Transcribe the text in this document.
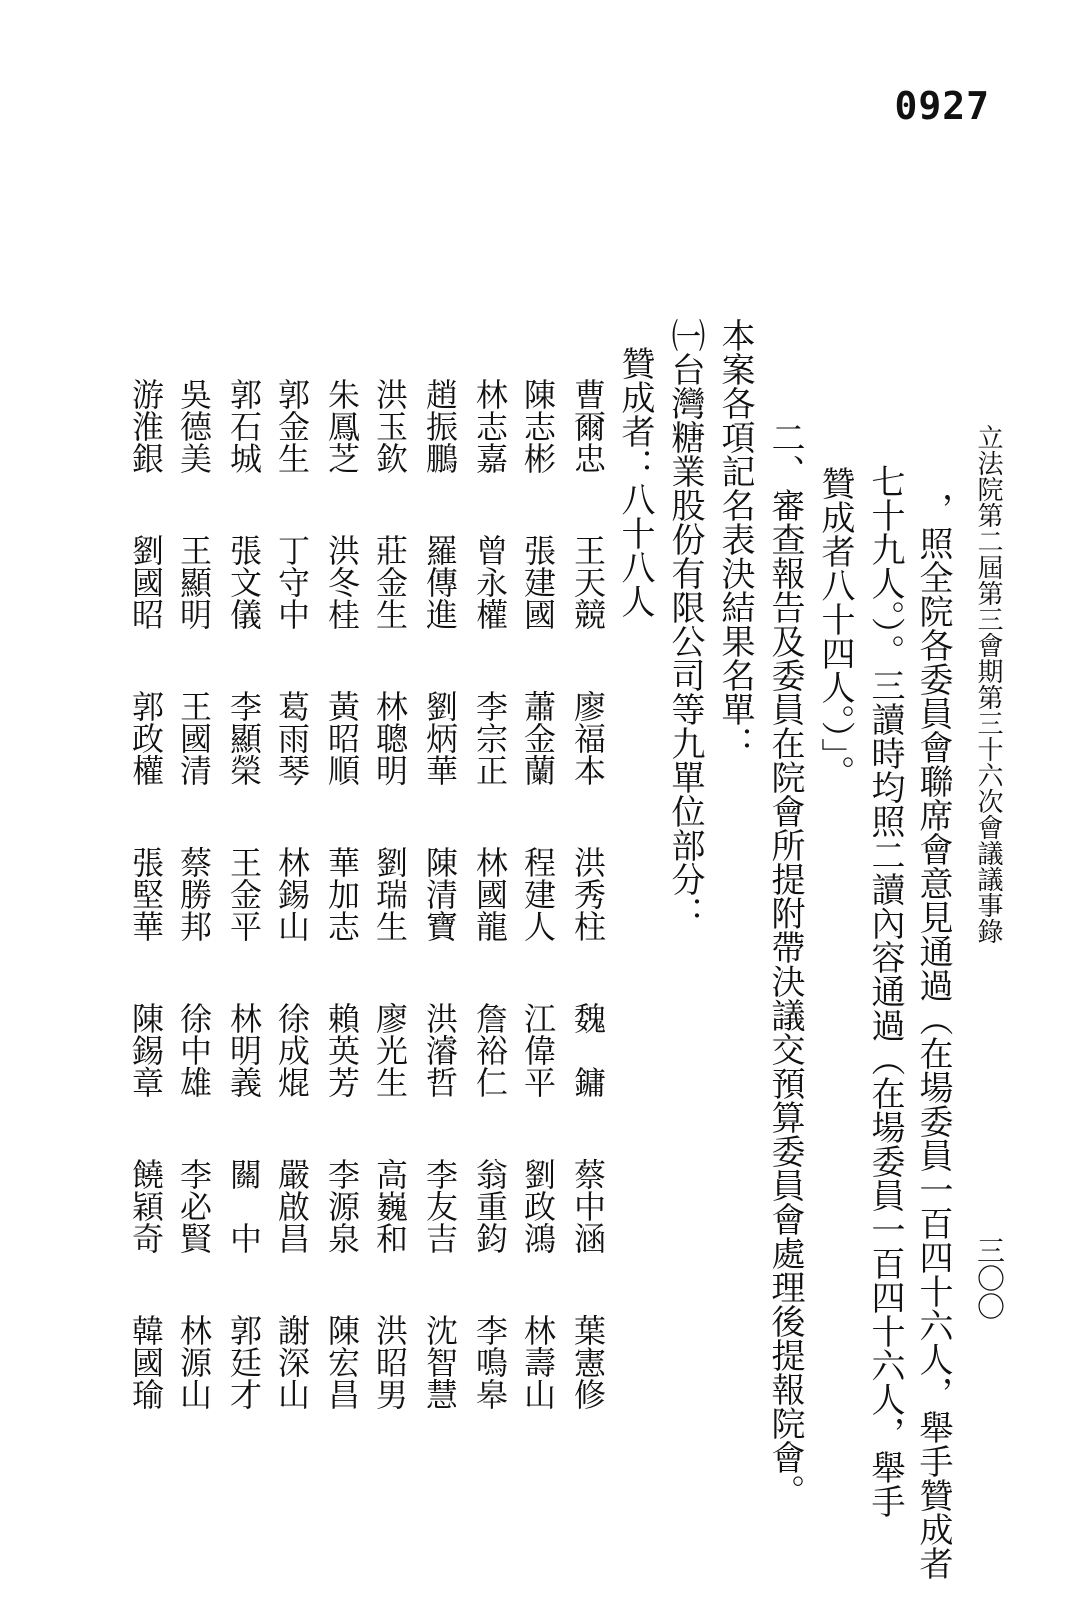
0927
立法院第二屆第三會期第三十六次會議議事錄
三〇〇
，照全院各委員會聯席會意見通過（在場委員一百四十六人，舉手贊成者
七十九人。）。三讀時均照二讀內容通過（在場委員一百四十六人，舉手
贊成者八十四人。）」。
二、審查報告及委員在院會所提附帶決議交預算委員會處理後提報院會。
本案各項記名表決結果名單：
㈠台灣糖業股份有限公司等九單位部分：
贊成者：八十八人
曹爾忠
王天競
廖福本
洪秀柱
魏　鏞
蔡中涵
葉憲修
陳志彬
張建國
蕭金蘭
程建人
江偉平
劉政鴻
林壽山
林志嘉
曾永權
李宗正
林國龍
詹裕仁
翁重鈞
李鳴皋
趙振鵬
羅傳進
劉炳華
陳清寶
洪濬哲
李友吉
沈智慧
洪玉欽
莊金生
林聰明
劉瑞生
廖光生
高巍和
洪昭男
朱鳳芝
洪冬桂
黃昭順
華加志
賴英芳
李源泉
陳宏昌
郭金生
丁守中
葛雨琴
林錫山
徐成焜
嚴啟昌
謝深山
郭石城
張文儀
李顯榮
王金平
林明義
關　中
郭廷才
吳德美
王顯明
王國清
蔡勝邦
徐中雄
李必賢
林源山
游淮銀
劉國昭
郭政權
張堅華
陳錫章
饒穎奇
韓國瑜
